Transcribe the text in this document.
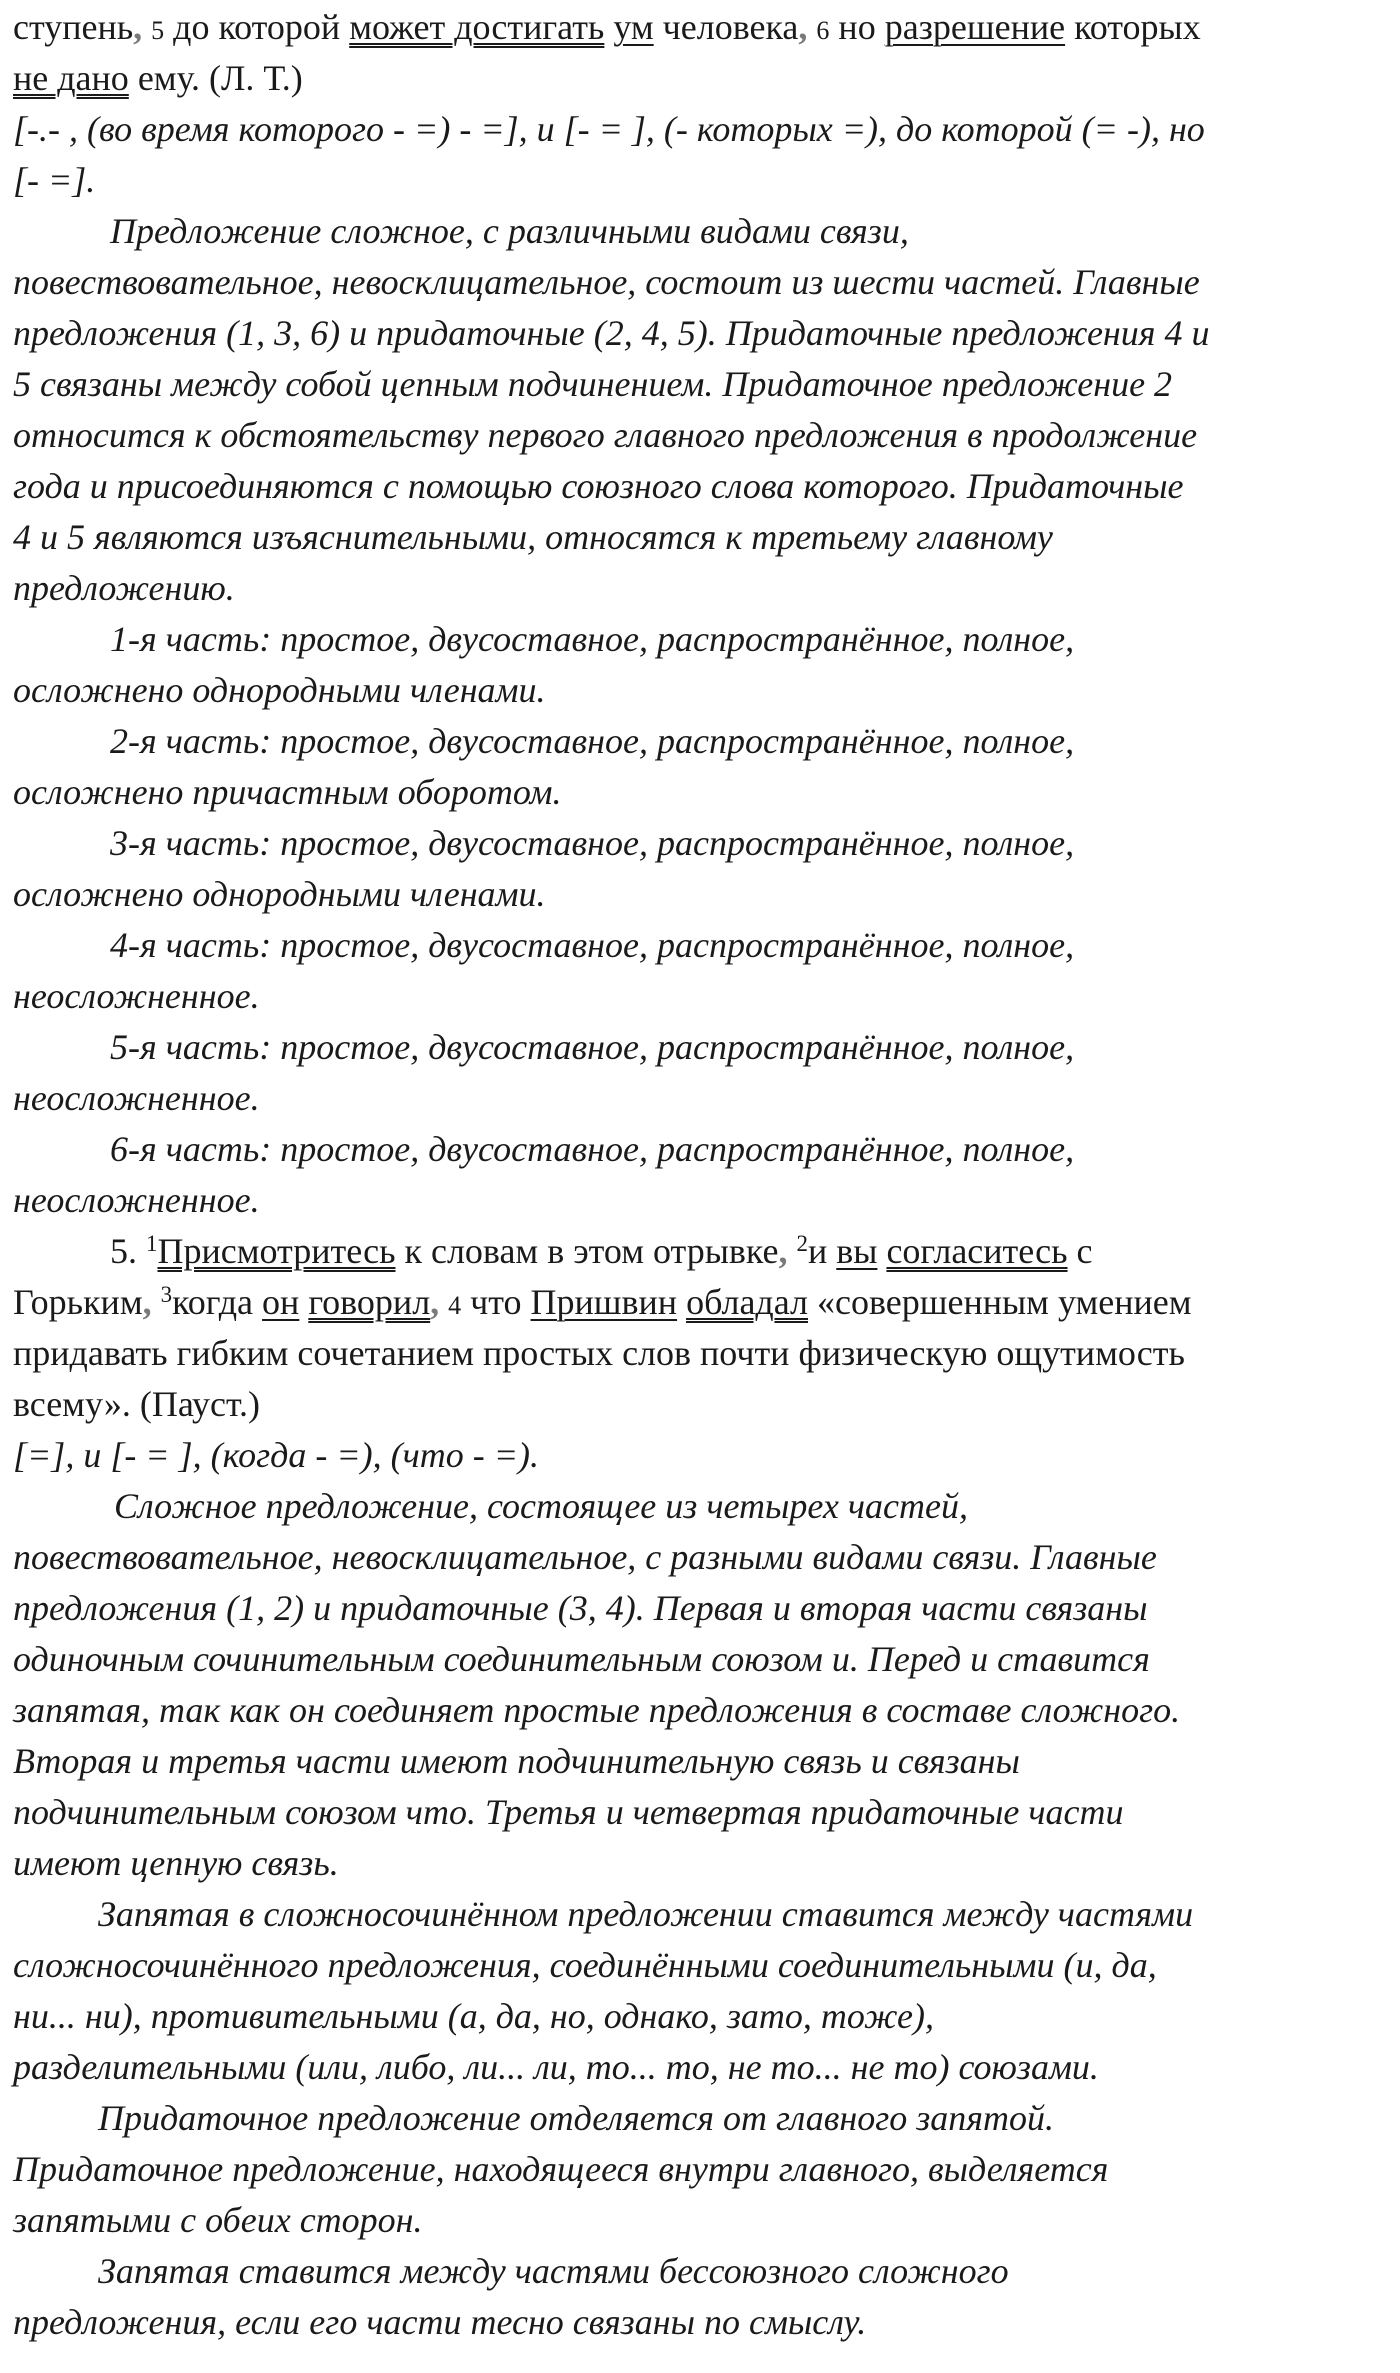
ступень, 5 до которой может достигать ум человека, 6 но разрешение которых
не дано ему. (Л. Т.)
[-.- , (во время которого - =) - =], и [- = ], (- которых =), до которой (= -), но
[- =].
Предложение сложное, с различными видами связи,
повествовательное, невосклицательное, состоит из шести частей. Главные
предложения (1, 3, 6) и придаточные (2, 4, 5). Придаточные предложения 4 и
5 связаны между собой цепным подчинением. Придаточное предложение 2
относится к обстоятельству первого главного предложения в продолжение
года и присоединяются с помощью союзного слова которого. Придаточные
4 и 5 являются изъяснительными, относятся к третьему главному
предложению.
1-я часть: простое, двусоставное, распространённое, полное,
осложнено однородными членами.
2-я часть: простое, двусоставное, распространённое, полное,
осложнено причастным оборотом.
3-я часть: простое, двусоставное, распространённое, полное,
осложнено однородными членами.
4-я часть: простое, двусоставное, распространённое, полное,
неосложненное.
5-я часть: простое, двусоставное, распространённое, полное,
неосложненное.
6-я часть: простое, двусоставное, распространённое, полное,
неосложненное.
5. $^1$Присмотритесь к словам в этом отрывке, $^2$и вы согласитесь с
Горьким, $^3$когда он говорил, 4 что Пришвин обладал «совершенным умением
придавать гибким сочетанием простых слов почти физическую ощутимость
всему». (Пауст.)
[=], и [- = ], (когда - =), (что - =).
Сложное предложение, состоящее из четырех частей,
повествовательное, невосклицательное, с разными видами связи. Главные
предложения (1, 2) и придаточные (3, 4). Первая и вторая части связаны
одиночным сочинительным соединительным союзом и. Перед и ставится
запятая, так как он соединяет простые предложения в составе сложного.
Вторая и третья части имеют подчинительную связь и связаны
подчинительным союзом что. Третья и четвертая придаточные части
имеют цепную связь.
Запятая в сложносочинённом предложении ставится между частями
сложносочинённого предложения, соединёнными соединительными (и, да,
ни... ни), противительными (а, да, но, однако, зато, тоже),
разделительными (или, либо, ли... ли, то... то, не то... не то) союзами.
Придаточное предложение отделяется от главного запятой.
Придаточное предложение, находящееся внутри главного, выделяется
запятыми с обеих сторон.
Запятая ставится между частями бессоюзного сложного
предложения, если его части тесно связаны по смыслу.
